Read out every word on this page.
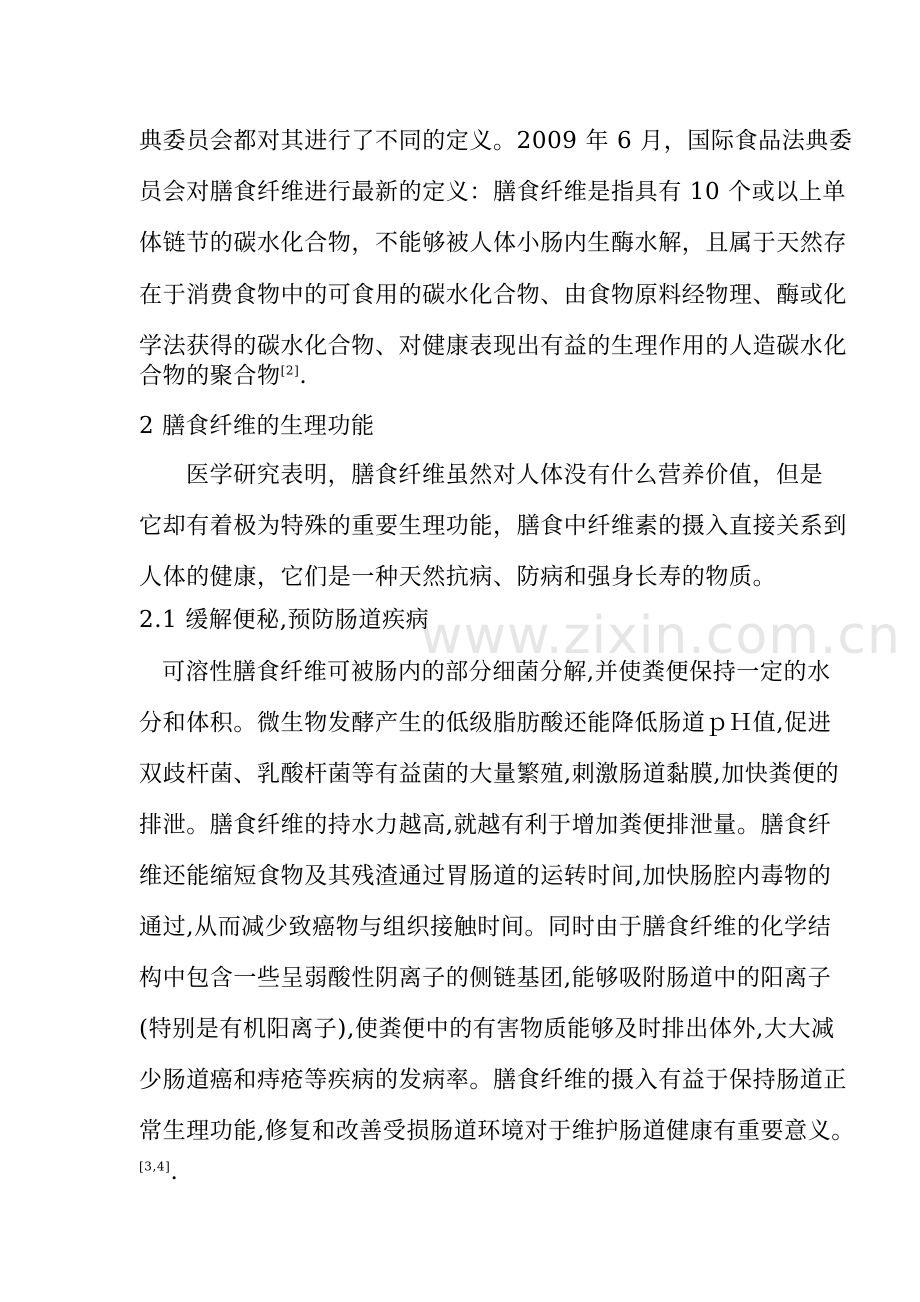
www.zixin.com.cn
典委员会都对其进行了不同的定义。2009 年 6 月，国际食品法典委
员会对膳食纤维进行最新的定义：膳食纤维是指具有 10 个或以上单
体链节的碳水化合物，不能够被人体小肠内生酶水解，且属于天然存
在于消费食物中的可食用的碳水化合物、由食物原料经物理、酶或化
学法获得的碳水化合物、对健康表现出有益的生理作用的人造碳水化
合物的聚合物[2].
2 膳食纤维的生理功能
医学研究表明，膳食纤维虽然对人体没有什么营养价值，但是
它却有着极为特殊的重要生理功能，膳食中纤维素的摄入直接关系到
人体的健康，它们是一种天然抗病、防病和强身长寿的物质。
2.1 缓解便秘,预防肠道疾病
可溶性膳食纤维可被肠内的部分细菌分解,并使粪便保持一定的水
分和体积。微生物发酵产生的低级脂肪酸还能降低肠道ｐＨ值,促进
双歧杆菌、乳酸杆菌等有益菌的大量繁殖,刺激肠道黏膜,加快粪便的
排泄。膳食纤维的持水力越高,就越有利于增加粪便排泄量。膳食纤
维还能缩短食物及其残渣通过胃肠道的运转时间,加快肠腔内毒物的
通过,从而减少致癌物与组织接触时间。同时由于膳食纤维的化学结
构中包含一些呈弱酸性阴离子的侧链基团,能够吸附肠道中的阳离子
(特别是有机阳离子),使粪便中的有害物质能够及时排出体外,大大减
少肠道癌和痔疮等疾病的发病率。膳食纤维的摄入有益于保持肠道正
常生理功能,修复和改善受损肠道环境对于维护肠道健康有重要意义。
[3,4].
